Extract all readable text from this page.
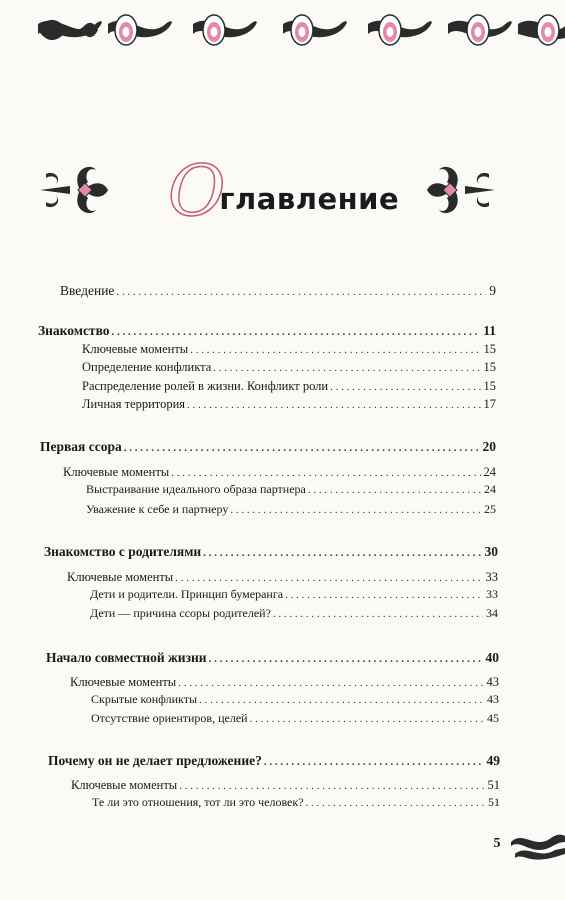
О
главление
Введение . . .	9
Знакомство . . .	11
Ключевые моменты . . .	15
Определение конфликта . . .	15
Распределение ролей в жизни. Конфликт роли . . .	15
Личная территория . . .	17
Первая ссора . . .	20
Ключевые моменты . . .	24
Выстраивание идеального образа партнера . . .	24
Уважение к себе и партнеру . . .	25
Знакомство с родителями . . .	30
Ключевые моменты . . .	33
Дети и родители. Принцип бумеранга . . .	33
Дети — причина ссоры родителей? . . .	34
Начало совместной жизни . . .	40
Ключевые моменты . . .	43
Скрытые конфликты . . .	43
Отсутствие ориентиров, целей . . .	45
Почему он не делает предложение? . . .	49
Ключевые моменты . . .	51
Те ли это отношения, тот ли это человек? . . .	51
5
